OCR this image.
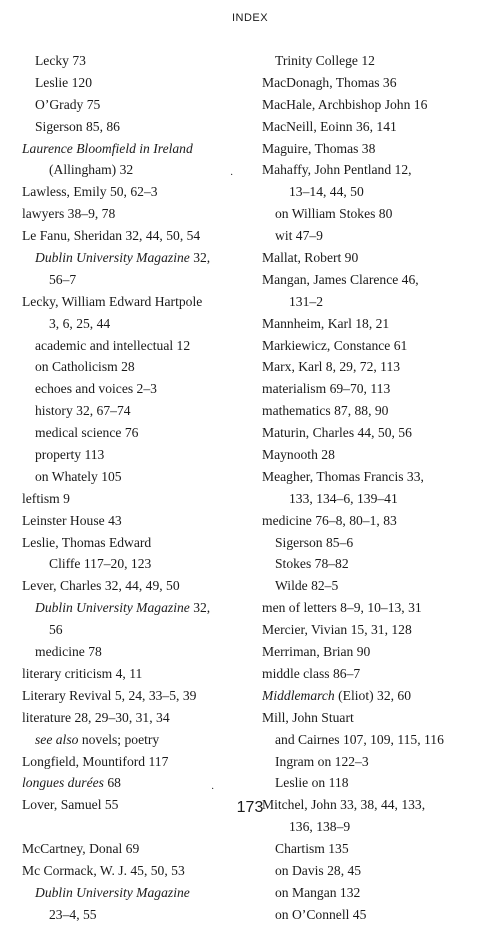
INDEX
Lecky 73
Leslie 120
O’Grady 75
Sigerson 85, 86
Laurence Bloomfield in Ireland
(Allingham) 32
Lawless, Emily 50, 62–3
lawyers 38–9, 78
Le Fanu, Sheridan 32, 44, 50, 54
Dublin University Magazine 32,
56–7
Lecky, William Edward Hartpole
3, 6, 25, 44
academic and intellectual 12
on Catholicism 28
echoes and voices 2–3
history 32, 67–74
medical science 76
property 113
on Whately 105
leftism 9
Leinster House 43
Leslie, Thomas Edward
Cliffe 117–20, 123
Lever, Charles 32, 44, 49, 50
Dublin University Magazine 32,
56
medicine 78
literary criticism 4, 11
Literary Revival 5, 24, 33–5, 39
literature 28, 29–30, 31, 34
see also novels; poetry
Longfield, Mountiford 117
longues durées 68
Lover, Samuel 55
McCartney, Donal 69
Mc Cormack, W. J. 45, 50, 53
Dublin University Magazine
23–4, 55
Trinity College 12
MacDonagh, Thomas 36
MacHale, Archbishop John 16
MacNeill, Eoinn 36, 141
Maguire, Thomas 38
Mahaffy, John Pentland 12,
13–14, 44, 50
on William Stokes 80
wit 47–9
Mallat, Robert 90
Mangan, James Clarence 46,
131–2
Mannheim, Karl 18, 21
Markiewicz, Constance 61
Marx, Karl 8, 29, 72, 113
materialism 69–70, 113
mathematics 87, 88, 90
Maturin, Charles 44, 50, 56
Maynooth 28
Meagher, Thomas Francis 33,
133, 134–6, 139–41
medicine 76–8, 80–1, 83
Sigerson 85–6
Stokes 78–82
Wilde 82–5
men of letters 8–9, 10–13, 31
Mercier, Vivian 15, 31, 128
Merriman, Brian 90
middle class 86–7
Middlemarch (Eliot) 32, 60
Mill, John Stuart
and Cairnes 107, 109, 115, 116
Ingram on 122–3
Leslie on 118
Mitchel, John 33, 38, 44, 133,
136, 138–9
Chartism 135
on Davis 28, 45
on Mangan 132
on O’Connell 45
·
·
173
